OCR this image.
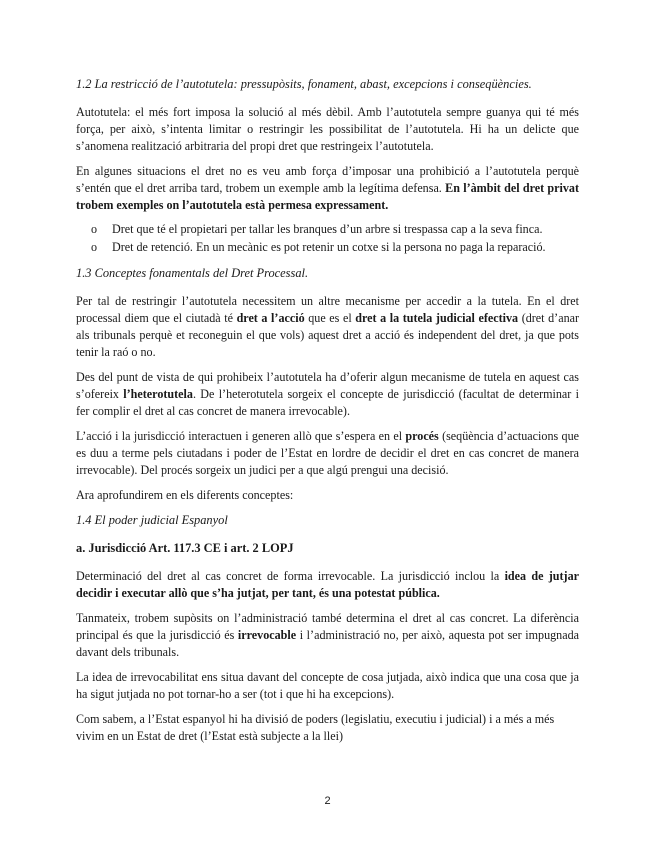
1.2 La restricció de l’autotutela: pressupòsits, fonament, abast, excepcions i conseqüències.

Autotutela: el més fort imposa la solució al més dèbil. Amb l’autotutela sempre guanya qui té més força, per això, s’intenta limitar o restringir les possibilitat de l’autotutela. Hi ha un delicte que s’anomena realització arbitraria del propi dret que restringeix l’autotutela.

En algunes situacions el dret no es veu amb força d’imposar una prohibició a l’autotutela perquè s’entén que el dret arriba tard, trobem un exemple amb la legítima defensa. En l’àmbit del dret privat trobem exemples on l’autotutela està permesa expressament.

o Dret que té el propietari per tallar les branques d’un arbre si trespassa cap a la seva finca.
o Dret de retenció. En un mecànic es pot retenir un cotxe si la persona no paga la reparació.
1.3 Conceptes fonamentals del Dret Processal.

Per tal de restringir l’autotutela necessitem un altre mecanisme per accedir a la tutela. En el dret processal diem que el ciutadà té dret a l’acció que es el dret a la tutela judicial efectiva (dret d’anar als tribunals perquè et reconeguin el que vols) aquest dret a acció és independent del dret, ja que pots tenir la raó o no.

Des del punt de vista de qui prohibeix l’autotutela ha d’oferir algun mecanisme de tutela en aquest cas s’ofereix l’heterotutela. De l’heterotutela sorgeix el concepte de jurisdicció (facultat de determinar i fer complir el dret al cas concret de manera irrevocable).

L’acció i la jurisdicció interactuen i generen allò que s’espera en el procés (seqüència d’actuacions que es duu a terme pels ciutadans i poder de l’Estat en lordre de decidir el dret en cas concret de manera irrevocable). Del procés sorgeix un judici per a que algú prengui una decisió.

Ara aprofundirem en els diferents conceptes:

1.4 El poder judicial Espanyol
a. Jurisdicció Art. 117.3 CE i art. 2 LOPJ

Determinació del dret al cas concret de forma irrevocable. La jurisdicció inclou la idea de jutjar decidir i executar allò que s’ha jutjat, per tant, és una potestat pública.

Tanmateix, trobem supòsits on l’administració també determina el dret al cas concret. La diferència principal és que la jurisdicció és irrevocable i l’administració no, per això, aquesta pot ser impugnada davant dels tribunals.

La idea de irrevocabilitat ens situa davant del concepte de cosa jutjada, això indica que una cosa que ja ha sigut jutjada no pot tornar-ho a ser (tot i que hi ha excepcions).

Com sabem, a l’Estat espanyol hi ha divisió de poders (legislatiu, executiu i judicial) i a més a més vivim en un Estat de dret (l’Estat està subjecte a la llei)

2
